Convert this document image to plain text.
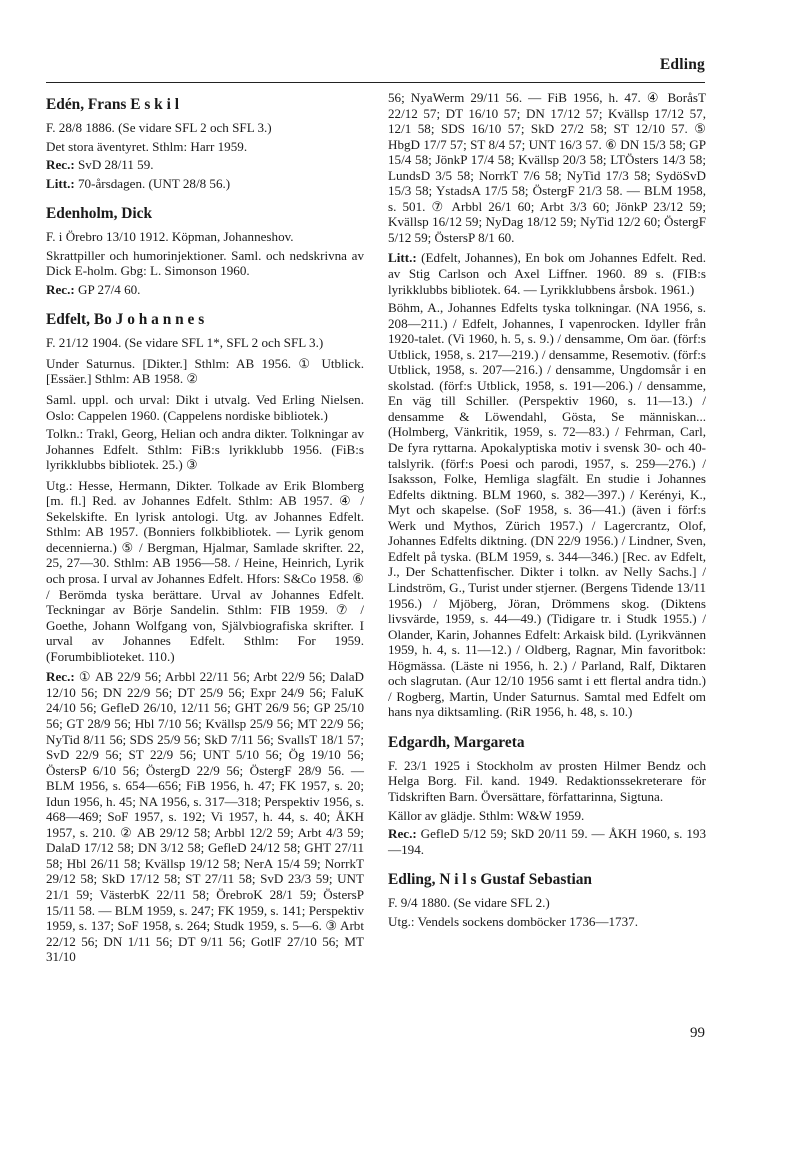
Edling
Edén, Frans E s k i l

F. 28/8 1886. (Se vidare SFL 2 och SFL 3.)

Det stora äventyret. Sthlm: Harr 1959.

Rec.: SvD 28/11 59.

Litt.: 70-årsdagen. (UNT 28/8 56.)

Edenholm, Dick

F. i Örebro 13/10 1912. Köpman, Johanneshov.

Skrattpiller och humorinjektioner. Saml. och nedskrivna av Dick E-holm. Gbg: L. Simonson 1960.

Rec.: GP 27/4 60.

Edfelt, Bo J o h a n n e s

F. 21/12 1904. (Se vidare SFL 1*, SFL 2 och SFL 3.)

Under Saturnus. [Dikter.] Sthlm: AB 1956. ① Utblick. [Essäer.] Sthlm: AB 1958. ②

Saml. uppl. och urval: Dikt i utvalg. Ved Erling Nielsen. Oslo: Cappelen 1960. (Cappelens nordiske bibliotek.)

Tolkn.: Trakl, Georg, Helian och andra dikter. Tolkningar av Johannes Edfelt. Sthlm: FiB:s lyrikklubb 1956. (FiB:s lyrikklubbs bibliotek. 25.) ③

Utg.: Hesse, Hermann, Dikter. Tolkade av Erik Blomberg [m. fl.] Red. av Johannes Edfelt. Sthlm: AB 1957. ④ / Sekelskifte. En lyrisk antologi. Utg. av Johannes Edfelt. Sthlm: AB 1957. (Bonniers folkbibliotek. — Lyrik genom decennierna.) ⑤ / Bergman, Hjalmar, Samlade skrifter. 22, 25, 27—30. Sthlm: AB 1956—58. / Heine, Heinrich, Lyrik och prosa. I urval av Johannes Edfelt. Hfors: S&Co 1958. ⑥ / Berömda tyska berättare. Urval av Johannes Edfelt. Teckningar av Börje Sandelin. Sthlm: FIB 1959. ⑦ / Goethe, Johann Wolfgang von, Självbiografiska skrifter. I urval av Johannes Edfelt. Sthlm: For 1959. (Forumbiblioteket. 110.)

Rec.: ① AB 22/9 56; Arbbl 22/11 56; Arbt 22/9 56; DalaD 12/10 56; DN 22/9 56; DT 25/9 56; Expr 24/9 56; FaluK 24/10 56; GefleD 26/10, 12/11 56; GHT 26/9 56; GP 25/10 56; GT 28/9 56; Hbl 7/10 56; Kvällsp 25/9 56; MT 22/9 56; NyTid 8/11 56; SDS 25/9 56; SkD 7/11 56; SvallsT 18/1 57; SvD 22/9 56; ST 22/9 56; UNT 5/10 56; Ög 19/10 56; ÖstersP 6/10 56; ÖstergD 22/9 56; ÖstergF 28/9 56. — BLM 1956, s. 654—656; FiB 1956, h. 47; FK 1957, s. 20; Idun 1956, h. 45; NA 1956, s. 317—318; Perspektiv 1956, s. 468—469; SoF 1957, s. 192; Vi 1957, h. 44, s. 40; ÅKH 1957, s. 210. ② AB 29/12 58; Arbbl 12/2 59; Arbt 4/3 59; DalaD 17/12 58; DN 3/12 58; GefleD 24/12 58; GHT 27/11 58; Hbl 26/11 58; Kvällsp 19/12 58; NerA 15/4 59; NorrkT 29/12 58; SkD 17/12 58; ST 27/11 58; SvD 23/3 59; UNT 21/1 59; VästerbK 22/11 58; ÖrebroK 28/1 59; ÖstersP 15/11 58. — BLM 1959, s. 247; FK 1959, s. 141; Perspektiv 1959, s. 137; SoF 1958, s. 264; Studk 1959, s. 5—6. ③ Arbt 22/12 56; DN 1/11 56; DT 9/11 56; GotlF 27/10 56; MT 31/10

56; NyaWerm 29/11 56. — FiB 1956, h. 47. ④ BoråsT 22/12 57; DT 16/10 57; DN 17/12 57; Kvällsp 17/12 57, 12/1 58; SDS 16/10 57; SkD 27/2 58; ST 12/10 57. ⑤ HbgD 17/7 57; ST 8/4 57; UNT 16/3 57. ⑥ DN 15/3 58; GP 15/4 58; JönkP 17/4 58; Kvällsp 20/3 58; LTÖsters 14/3 58; LundsD 3/5 58; NorrkT 7/6 58; NyTid 17/3 58; SydöSvD 15/3 58; YstadsA 17/5 58; ÖstergF 21/3 58. — BLM 1958, s. 501. ⑦ Arbbl 26/1 60; Arbt 3/3 60; JönkP 23/12 59; Kvällsp 16/12 59; NyDag 18/12 59; NyTid 12/2 60; ÖstergF 5/12 59; ÖstersP 8/1 60.

Litt.: (Edfelt, Johannes), En bok om Johannes Edfelt. Red. av Stig Carlson och Axel Liffner. 1960. 89 s. (FIB:s lyrikklubbs bibliotek. 64. — Lyrikklubbens årsbok. 1961.)

Böhm, A., Johannes Edfelts tyska tolkningar. (NA 1956, s. 208—211.) / Edfelt, Johannes, I vapenrocken. Idyller från 1920-talet. (Vi 1960, h. 5, s. 9.) / densamme, Om öar. (förf:s Utblick, 1958, s. 217—219.) / densamme, Resemotiv. (förf:s Utblick, 1958, s. 207—216.) / densamme, Ungdomsår i en skolstad. (förf:s Utblick, 1958, s. 191—206.) / densamme, En väg till Schiller. (Perspektiv 1960, s. 11—13.) / densamme & Löwendahl, Gösta, Se människan... (Holmberg, Vänkritik, 1959, s. 72—83.) / Fehrman, Carl, De fyra ryttarna. Apokalyptiska motiv i svensk 30- och 40-talslyrik. (förf:s Poesi och parodi, 1957, s. 259—276.) / Isaksson, Folke, Hemliga slagfält. En studie i Johannes Edfelts diktning. BLM 1960, s. 382—397.) / Kerényi, K., Myt och skapelse. (SoF 1958, s. 36—41.) (även i förf:s Werk und Mythos, Zürich 1957.) / Lagercrantz, Olof, Johannes Edfelts diktning. (DN 22/9 1956.) / Lindner, Sven, Edfelt på tyska. (BLM 1959, s. 344—346.) [Rec. av Edfelt, J., Der Schattenfischer. Dikter i tolkn. av Nelly Sachs.] / Lindström, G., Turist under stjerner. (Bergens Tidende 13/11 1956.) / Mjöberg, Jöran, Drömmens skog. (Diktens livsvärde, 1959, s. 44—49.) (Tidigare tr. i Studk 1955.) / Olander, Karin, Johannes Edfelt: Arkaisk bild. (Lyrikvännen 1959, h. 4, s. 11—12.) / Oldberg, Ragnar, Min favoritbok: Högmässa. (Läste ni 1956, h. 2.) / Parland, Ralf, Diktaren och slagrutan. (Aur 12/10 1956 samt i ett flertal andra tidn.) / Rogberg, Martin, Under Saturnus. Samtal med Edfelt om hans nya diktsamling. (RiR 1956, h. 48, s. 10.)

Edgardh, Margareta

F. 23/1 1925 i Stockholm av prosten Hilmer Bendz och Helga Borg. Fil. kand. 1949. Redaktionssekreterare för Tidskriften Barn. Översättare, författarinna, Sigtuna.

Källor av glädje. Sthlm: W&W 1959.

Rec.: GefleD 5/12 59; SkD 20/11 59. — ÅKH 1960, s. 193—194.

Edling, N i l s Gustaf Sebastian

F. 9/4 1880. (Se vidare SFL 2.)

Utg.: Vendels sockens domböcker 1736—1737.

99
